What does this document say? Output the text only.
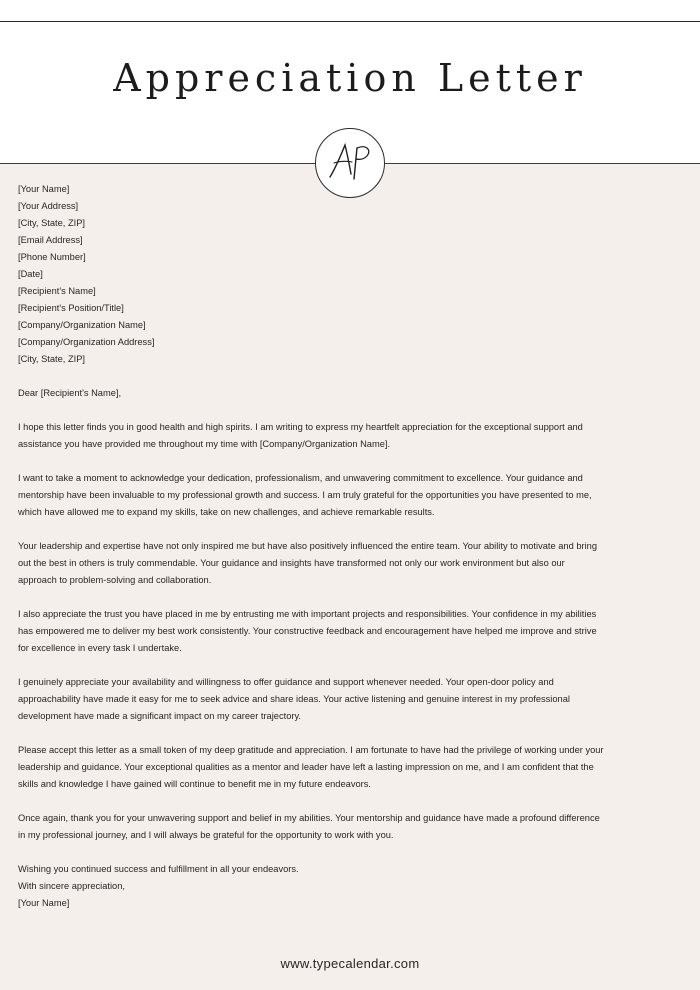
Appreciation Letter
[Your Name]
[Your Address]
[City, State, ZIP]
[Email Address]
[Phone Number]
[Date]
[Recipient's Name]
[Recipient's Position/Title]
[Company/Organization Name]
[Company/Organization Address]
[City, State, ZIP]
Dear [Recipient's Name],
I hope this letter finds you in good health and high spirits. I am writing to express my heartfelt appreciation for the exceptional support and
assistance you have provided me throughout my time with [Company/Organization Name].
I want to take a moment to acknowledge your dedication, professionalism, and unwavering commitment to excellence. Your guidance and
mentorship have been invaluable to my professional growth and success. I am truly grateful for the opportunities you have presented to me,
which have allowed me to expand my skills, take on new challenges, and achieve remarkable results.
Your leadership and expertise have not only inspired me but have also positively influenced the entire team. Your ability to motivate and bring
out the best in others is truly commendable. Your guidance and insights have transformed not only our work environment but also our
approach to problem-solving and collaboration.
I also appreciate the trust you have placed in me by entrusting me with important projects and responsibilities. Your confidence in my abilities
has empowered me to deliver my best work consistently. Your constructive feedback and encouragement have helped me improve and strive
for excellence in every task I undertake.
I genuinely appreciate your availability and willingness to offer guidance and support whenever needed. Your open-door policy and
approachability have made it easy for me to seek advice and share ideas. Your active listening and genuine interest in my professional
development have made a significant impact on my career trajectory.
Please accept this letter as a small token of my deep gratitude and appreciation. I am fortunate to have had the privilege of working under your
leadership and guidance. Your exceptional qualities as a mentor and leader have left a lasting impression on me, and I am confident that the
skills and knowledge I have gained will continue to benefit me in my future endeavors.
Once again, thank you for your unwavering support and belief in my abilities. Your mentorship and guidance have made a profound difference
in my professional journey, and I will always be grateful for the opportunity to work with you.
Wishing you continued success and fulfillment in all your endeavors.
With sincere appreciation,
[Your Name]
www.typecalendar.com
